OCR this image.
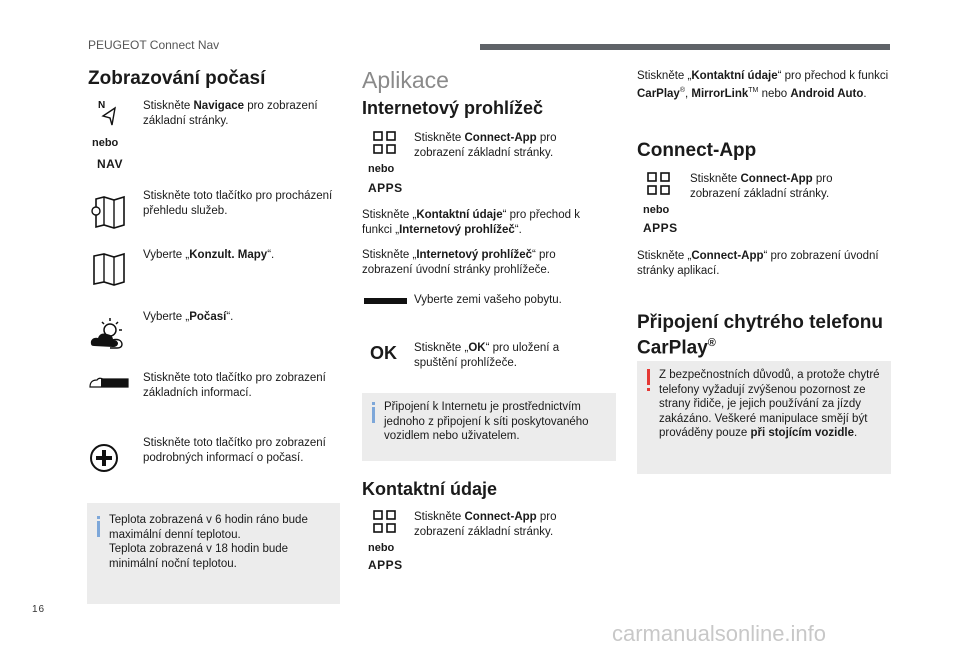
PEUGEOT Connect Nav
Zobrazování počasí
N
nebo
NAV
Stiskněte Navigace pro zobrazení základní stránky.
Stiskněte toto tlačítko pro procházení přehledu služeb.
Vyberte „Konzult. Mapy“.
Vyberte „Počasí“.
Stiskněte toto tlačítko pro zobrazení základních informací.
Stiskněte toto tlačítko pro zobrazení podrobných informací o počasí.
Teplota zobrazená v 6 hodin ráno bude maximální denní teplotou.
Teplota zobrazená v 18 hodin bude minimální noční teplotou.
Aplikace
Internetový prohlížeč
nebo
APPS
Stiskněte Connect-App pro zobrazení základní stránky.
Stiskněte „Kontaktní údaje“ pro přechod k funkci „Internetový prohlížeč“.
Stiskněte „Internetový prohlížeč“ pro zobrazení úvodní stránky prohlížeče.
Vyberte zemi vašeho pobytu.
OK Stiskněte „OK“ pro uložení a spuštění prohlížeče.
Připojení k Internetu je prostřednictvím jednoho z připojení k síti poskytovaného vozidlem nebo uživatelem.
Kontaktní údaje
nebo
APPS
Stiskněte Connect-App pro zobrazení základní stránky.
Stiskněte „Kontaktní údaje“ pro přechod k funkci CarPlay®, MirrorLink™ nebo Android Auto.
Connect-App
nebo
APPS
Stiskněte Connect-App pro zobrazení základní stránky.
Stiskněte „Connect-App“ pro zobrazení úvodní stránky aplikací.
Připojení chytrého telefonu
CarPlay®
Z bezpečnostních důvodů, a protože chytré telefony vyžadují zvýšenou pozornost ze strany řidiče, je jejich používání za jízdy zakázáno. Veškeré manipulace smějí být prováděny pouze při stojícím vozidle.
16
carmanualsonline.info
